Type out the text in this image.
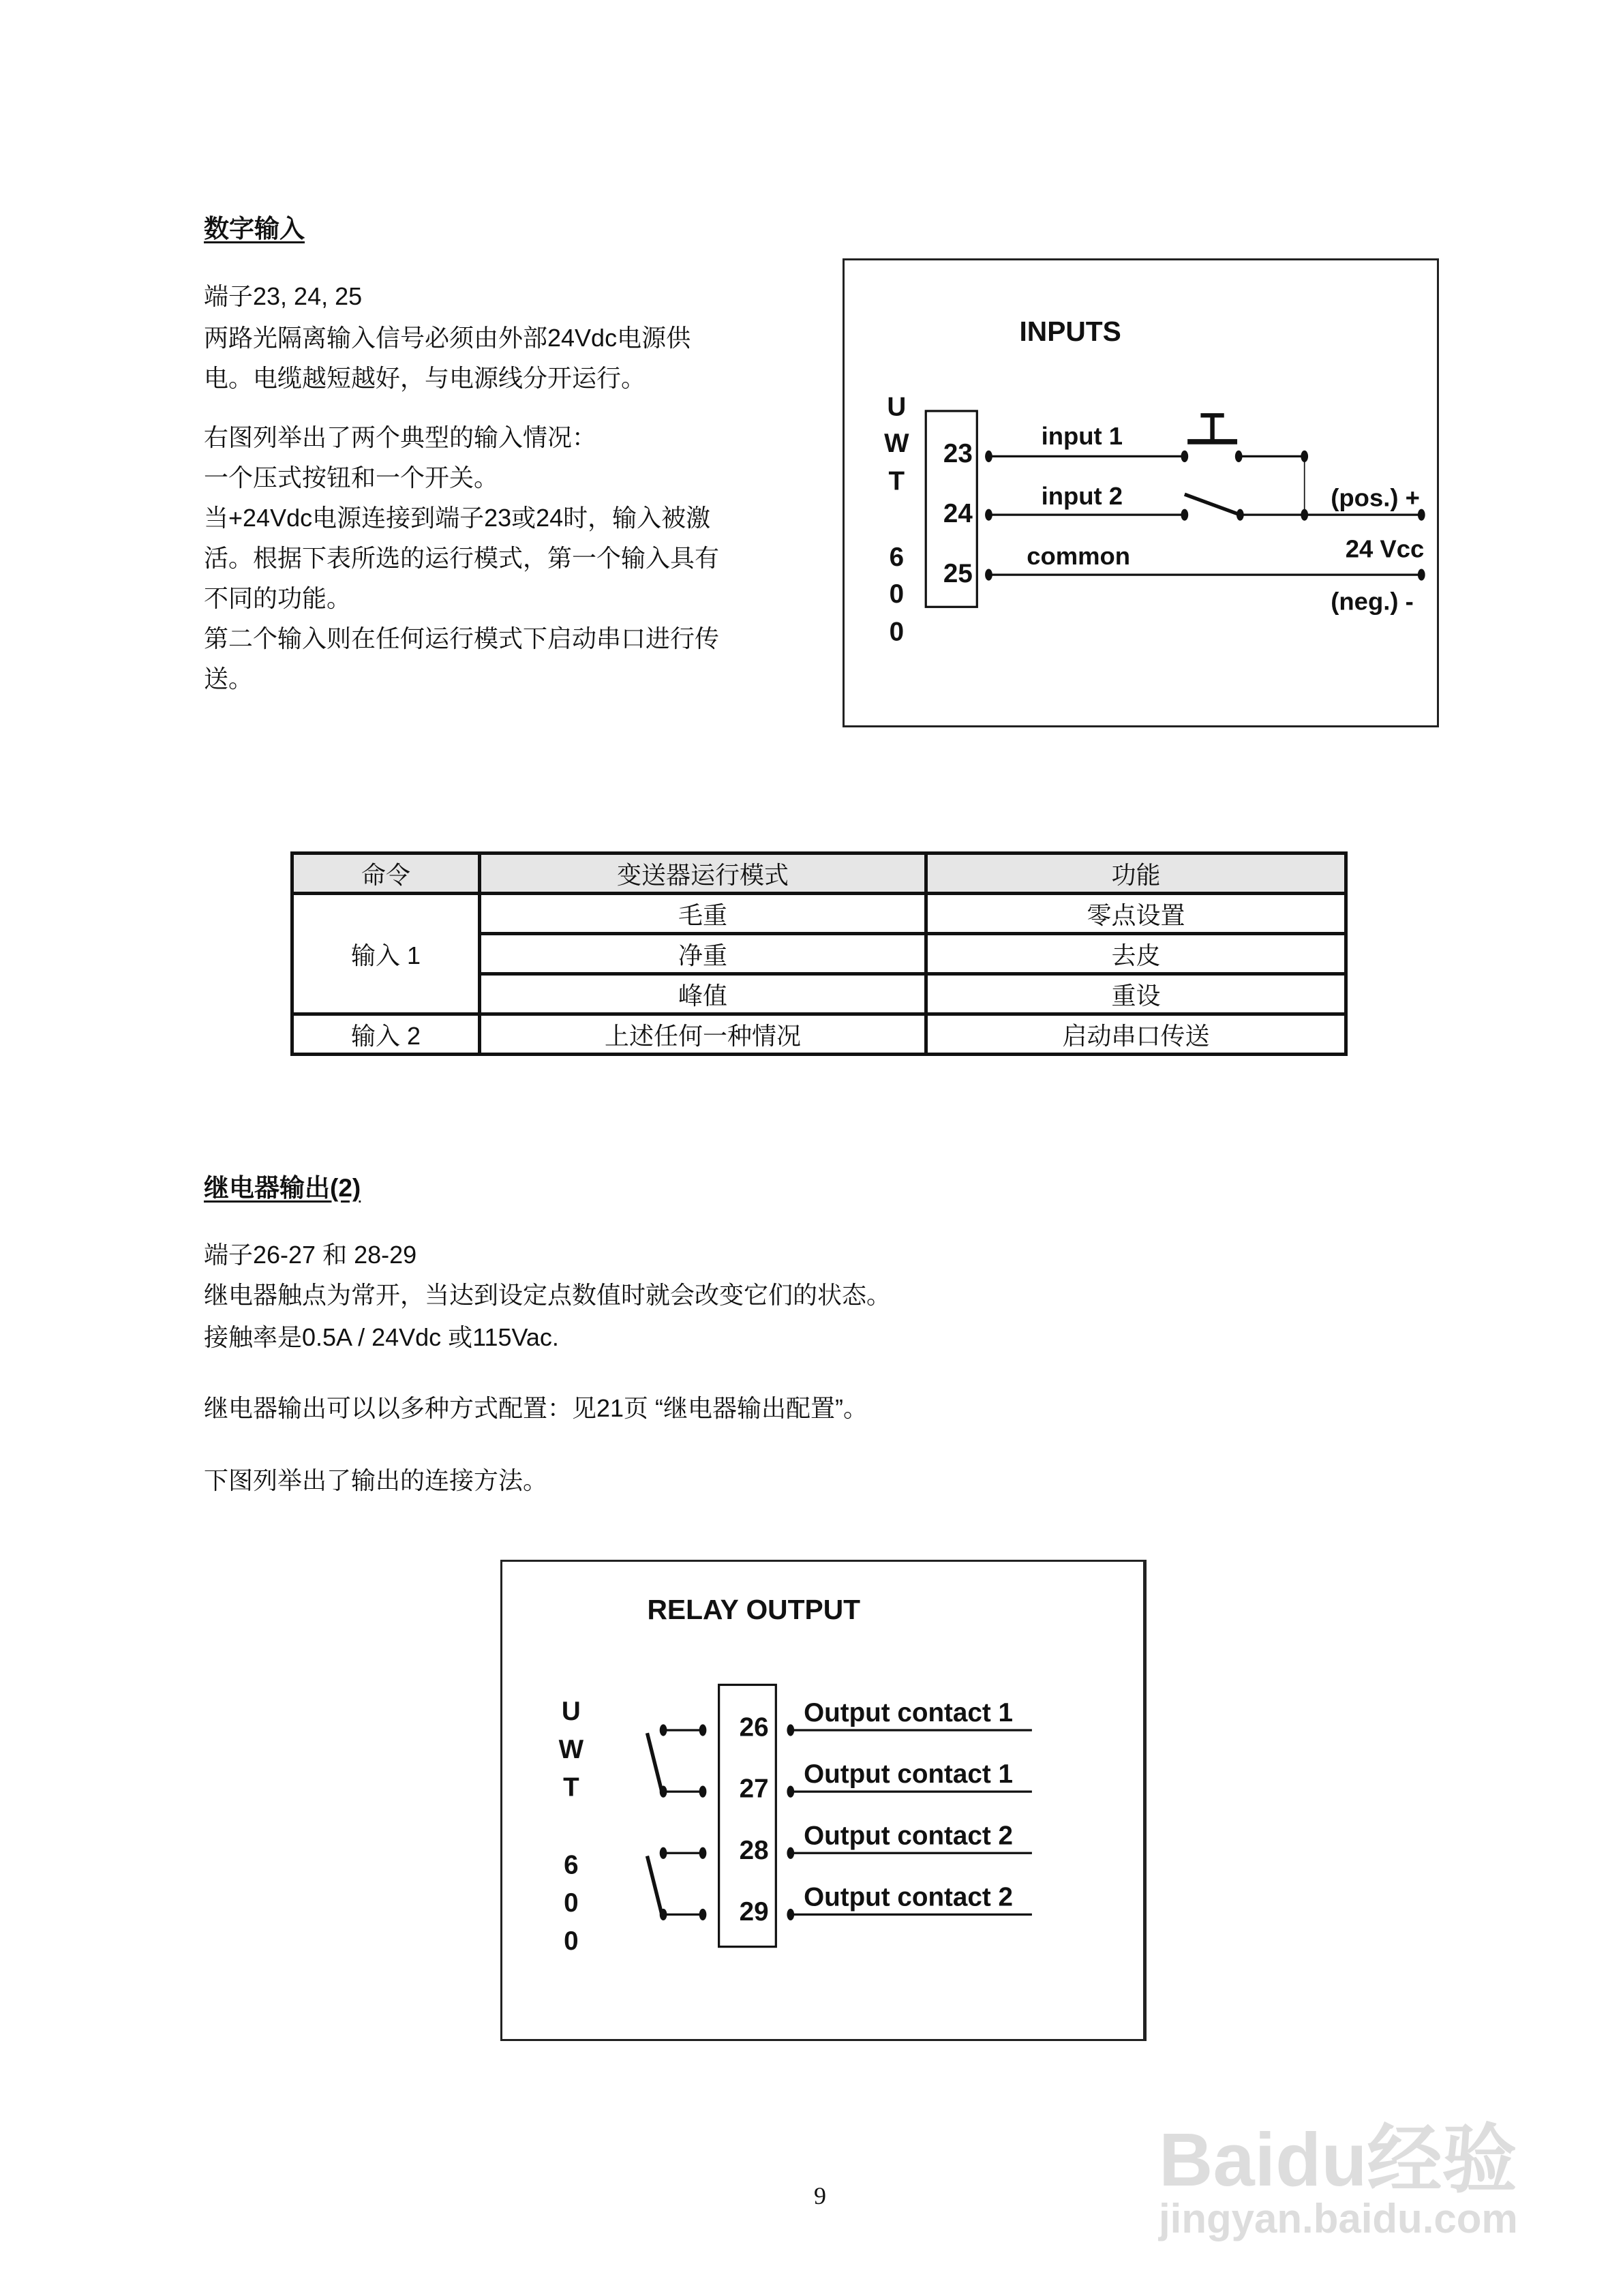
数字输入
端子23, 24, 25
两路光隔离输入信号必须由外部24Vdc电源供
电。电缆越短越好，与电源线分开运行。
右图列举出了两个典型的输入情况：
一个压式按钮和一个开关。
当+24Vdc电源连接到端子23或24时，输入被激
活。根据下表所选的运行模式，第一个输入具有
不同的功能。
第二个输入则在任何运行模式下启动串口进行传
送。
INPUTS
U
W
T
6
0
0
23
24
25
input 1
input 2
common
(pos.) +
24 Vcc
(neg.) -
命令	变送器运行模式	功能
输入 1	毛重	零点设置
	净重	去皮
	峰值	重设
输入 2	上述任何一种情况	启动串口传送
继电器输出(2)
端子26-27 和 28-29
继电器触点为常开，当达到设定点数值时就会改变它们的状态。
接触率是0.5A / 24Vdc 或115Vac.
继电器输出可以以多种方式配置：见21页 “继电器输出配置”。
下图列举出了输出的连接方法。
RELAY OUTPUT
U
W
T
6
0
0
26
27
28
29
Output contact 1
Output contact 1
Output contact 2
Output contact 2
9	Baidu经验
jingyan.baidu.com
